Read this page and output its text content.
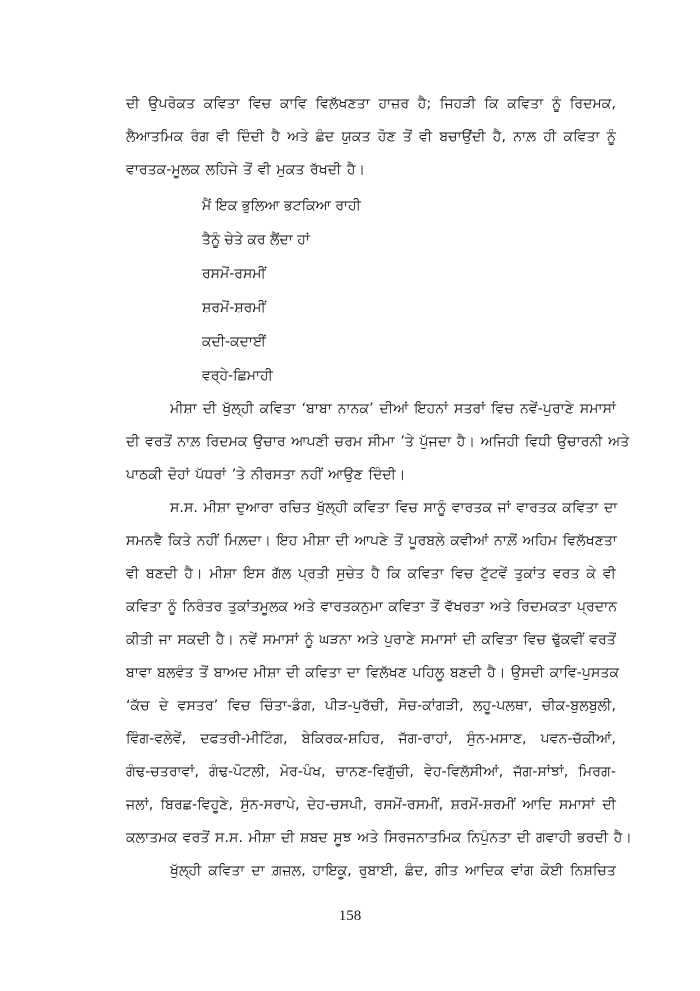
ਦੀ ਉਪਰੋਕਤ ਕਵਿਤਾ ਵਿਚ ਕਾਵਿ ਵਿਲੱਖਣਤਾ ਹਾਜ਼ਰ ਹੈ; ਜਿਹੜੀ ਕਿ ਕਵਿਤਾ ਨੂੰ ਰਿਦਮਕ,
ਲੈਆਤਮਿਕ ਰੰਗ ਵੀ ਦਿੰਦੀ ਹੈ ਅਤੇ ਛੰਦ ਯੁਕਤ ਹੋਣ ਤੋਂ ਵੀ ਬਚਾਉਂਦੀ ਹੈ, ਨਾਲ਼ ਹੀ ਕਵਿਤਾ ਨੂੰ
ਵਾਰਤਕ-ਮੂਲਕ ਲਹਿਜੇ ਤੋਂ ਵੀ ਮੁਕਤ ਰੱਖਦੀ ਹੈ।
ਮੈਂ ਇਕ ਭੁਲਿਆ ਭਟਕਿਆ ਰਾਹੀ
ਤੈਨੂੰ ਚੇਤੇ ਕਰ ਲੈਂਦਾ ਹਾਂ
ਰਸਮੋਂ-ਰਸਮੀਂ
ਸ਼ਰਮੋਂ-ਸ਼ਰਮੀਂ
ਕਦੀ-ਕਦਾਈਂ
ਵਰ੍ਹੇ-ਛਿਮਾਹੀ
ਮੀਸ਼ਾ ਦੀ ਖੁੱਲ੍ਹੀ ਕਵਿਤਾ ‘ਬਾਬਾ ਨਾਨਕ’ ਦੀਆਂ ਇਹਨਾਂ ਸਤਰਾਂ ਵਿਚ ਨਵੇਂ-ਪੁਰਾਣੇ ਸਮਾਸਾਂ
ਦੀ ਵਰਤੋਂ ਨਾਲ਼ ਰਿਦਮਕ ਉਚਾਰ ਆਪਣੀ ਚਰਮ ਸੀਮਾ ’ਤੇ ਪੁੱਜਦਾ ਹੈ। ਅਜਿਹੀ ਵਿਧੀ ਉਚਾਰਨੀ ਅਤੇ
ਪਾਠਕੀ ਦੋਹਾਂ ਪੱਧਰਾਂ ’ਤੇ ਨੀਰਸਤਾ ਨਹੀਂ ਆਉਣ ਦਿੰਦੀ।
ਸ.ਸ. ਮੀਸ਼ਾ ਦੁਆਰਾ ਰਚਿਤ ਖੁੱਲ੍ਹੀ ਕਵਿਤਾ ਵਿਚ ਸਾਨੂੰ ਵਾਰਤਕ ਜਾਂ ਵਾਰਤਕ ਕਵਿਤਾ ਦਾ
ਸਮਨਵੈ ਕਿਤੇ ਨਹੀਂ ਮਿਲ਼ਦਾ। ਇਹ ਮੀਸ਼ਾ ਦੀ ਆਪਣੇ ਤੋਂ ਪੂਰਬਲੇ ਕਵੀਆਂ ਨਾਲ਼ੋਂ ਅਹਿਮ ਵਿਲੱਖਣਤਾ
ਵੀ ਬਣਦੀ ਹੈ। ਮੀਸ਼ਾ ਇਸ ਗੱਲ ਪ੍ਰਤੀ ਸੁਚੇਤ ਹੈ ਕਿ ਕਵਿਤਾ ਵਿਚ ਟੁੱਟਵੇਂ ਤੁਕਾਂਤ ਵਰਤ ਕੇ ਵੀ
ਕਵਿਤਾ ਨੂੰ ਨਿਰੰਤਰ ਤੁਕਾਂਤਮੂਲਕ ਅਤੇ ਵਾਰਤਕਨੁਮਾ ਕਵਿਤਾ ਤੋਂ ਵੱਖਰਤਾ ਅਤੇ ਰਿਦਮਕਤਾ ਪ੍ਰਦਾਨ
ਕੀਤੀ ਜਾ ਸਕਦੀ ਹੈ। ਨਵੇਂ ਸਮਾਸਾਂ ਨੂੰ ਘੜਨਾ ਅਤੇ ਪੁਰਾਣੇ ਸਮਾਸਾਂ ਦੀ ਕਵਿਤਾ ਵਿਚ ਢੁੱਕਵੀਂ ਵਰਤੋਂ
ਬਾਵਾ ਬਲਵੰਤ ਤੋਂ ਬਾਅਦ ਮੀਸ਼ਾ ਦੀ ਕਵਿਤਾ ਦਾ ਵਿਲੱਖਣ ਪਹਿਲੂ ਬਣਦੀ ਹੈ। ਉਸਦੀ ਕਾਵਿ-ਪੁਸਤਕ
‘ਕੱਚ ਦੇ ਵਸਤਰ’ ਵਿਚ ਚਿੰਤਾ-ਡੰਗ, ਪੀੜ-ਪੁਰੱਚੀ, ਸੋਚ-ਕਾਂਗੜੀ, ਲਹੂ-ਪਲਥਾ, ਚੀਕ-ਬੁਲਬੁਲੀ,
ਵਿੰਗ-ਵਲੇਵੇਂ, ਦਫਤਰੀ-ਮੀਟਿੰਗ, ਬੇਕਿਰਕ-ਸ਼ਹਿਰ, ਜੱਗ-ਰਾਹਾਂ, ਸੁੰਨ-ਮਸਾਣ, ਪਵਨ-ਚੱਕੀਆਂ,
ਗੰਢ-ਚਤਰਾਵਾਂ, ਗੰਢ-ਪੋਟਲੀ, ਮੋਰ-ਪੰਖ, ਚਾਨਣ-ਵਿਗੁੱਚੀ, ਵੇਹ-ਵਿਲੱਸੀਆਂ, ਜੱਗ-ਸਾਂਝਾਂ, ਮਿਰਗ-
ਜਲਾਂ, ਬਿਰਛ-ਵਿਹੂਣੇ, ਸੁੰਨ-ਸਰਾਪੇ, ਦੇਹ-ਚਸਪੀ, ਰਸਮੋਂ-ਰਸਮੀਂ, ਸ਼ਰਮੋਂ-ਸ਼ਰਮੀਂ ਆਦਿ ਸਮਾਸਾਂ ਦੀ
ਕਲਾਤਮਕ ਵਰਤੋਂ ਸ.ਸ. ਮੀਸ਼ਾ ਦੀ ਸ਼ਬਦ ਸੂਝ ਅਤੇ ਸਿਰਜਨਾਤਮਿਕ ਨਿਪੁੰਨਤਾ ਦੀ ਗਵਾਹੀ ਭਰਦੀ ਹੈ।
ਖੁੱਲ੍ਹੀ ਕਵਿਤਾ ਦਾ ਗ਼ਜ਼ਲ, ਹਾਇਕੂ, ਰੁਬਾਈ, ਛੰਦ, ਗੀਤ ਆਦਿਕ ਵਾਂਗ ਕੋਈ ਨਿਸ਼ਚਿਤ
158
